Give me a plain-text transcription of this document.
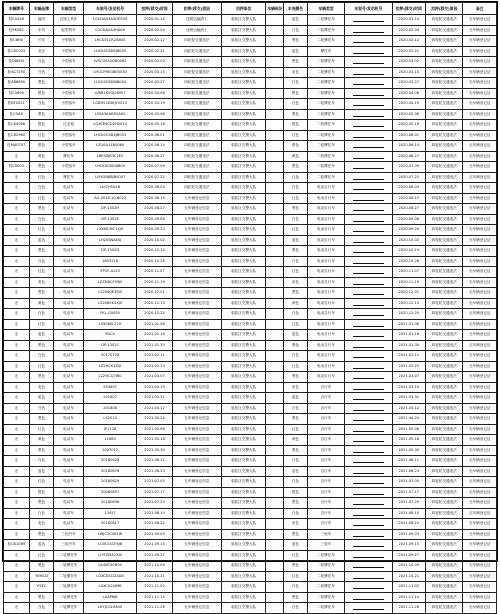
车辆牌号	车辆品牌	车辆类型		车架号/发动机号	扣押(移交)时间	扣押(移交)原因	扣押单位	车辆标识	车身颜色	车辆类型	车架号/发动机号	扣押(移交)时间	扣押(移交)原因	备注
桂C5426	福田	自卸工具车		LGCDAD4A3DE039	2020.01.14	违规运输渣土	临桂区交警大队		蓝色	二轮摩托车		2020.01.14	四轮轮交通违法	无车辆登记证
桂EK082	东风	轻型货车		LGCDAUA3HA08	2020.02.04	违规运输渣土	临桂区交警大队		白色	二轮摩托车		2020.02.04	四轮轮交通违法	无车辆登记证
桂C8H0	长安	小型客车		LHCK01CR2AB05	2020.02.12	四轮轮交通违法	临桂区交警大队		黑色	二轮摩托车		2020.02.12	四轮轮交通违法	无车辆登记证
桂C6C033	北京	小型客车		LHCK0C8DEJB005	2020.02.21	四轮轮交通违法	临桂区交警大队		蓝色	摩托车		2020.02.21	四轮轮交通违法	无车辆登记证
桂D8EDS	白色	小型客车		LVSCU5A2DB0062	2020.03.02	四轮轮交通违法	临桂区交警大队		黑色	二轮摩托车		2020.03.02	四轮轮交通违法	无车辆登记证
桂AC7290	白色	小型客车		LHGCP9EGBE0030	2020.03.15	四轮轮交通违法	临桂区交警大队		灰色	二轮摩托车		2020.03.15	四轮轮交通违法	无车辆登记证
桂A88890	黑色	小型客车		LHCK0C8D6JB054	2020.03.27	四轮轮交通违法	临桂区交警大队		红色	二轮摩托车		2020.03.27	四轮轮交通违法	无车辆登记证
桂C5690	银色	小型客车		LVBR1K9GJ06007	2020.04.08	四轮轮交通违法	临桂区交警大队		银色	二轮摩托车		2020.04.08	四轮轮交通违法	无车辆登记证
桂BF0021	白色	小型客车		LGBH52E08JY0010	2020.04.19	四轮轮交通违法	临桂区交警大队		白色	二轮摩托车		2020.04.19	四轮轮交通违法	无车辆登记证
桂C5AX	黑色	小型客车		LS5A3AAE6GA00	2020.05.06	四轮轮交通违法	临桂区交警大队		黑色	二轮摩托车		2020.05.06	四轮轮交通违法	无车辆登记证
桂C64066	银色	比亚迪		LGXCE6CD2H0014	2020.05.18	四轮轮交通违法	临桂区交警大队		银色	二轮摩托车		2020.05.18	四轮轮交通违法	无车辆登记证
桂C82960	红色	小型客车		LHCK0C8DXJB053	2020.06.01	四轮轮交通违法	临桂区交警大队		红色	二轮摩托车		2020.06.01	四轮轮交通违法	无车辆登记证
桂MA0707	银色	小型客车		LZUAA14B0060	2020.06.14	四轮轮交通违法	临桂区交警大队		银色	二轮摩托车		2020.06.14	四轮轮交通违法	无车辆登记证
无	黄色	摩托车		LBP4ZJB3C2E0	2020.06.27	四轮轮交通违法	临桂区交警大队		黄色	二轮摩托车		2020.06.27	四轮轮交通违法	无车辆登记证
桂C5E03	黑色	小型客车		LHCK0C8D4JB05	2020.07.09	四轮轮交通违法	临桂区交警大队		黑色	二轮摩托车		2020.07.09	四轮轮交通违法	无车辆登记证
无	红色	摩托车		LJY5GN88JB0007	2020.07.22	四轮轮交通违法	临桂区交警大队		红色	二轮摩托车		2020.07.22	四轮轮交通违法	无车辆登记证
无	白色	电动车		LUJ7H5A1B	2020.08.03	四轮轮交通违法	临桂区交警大队		白色	电动自行车		2020.08.03	四轮轮交通违法	无车辆登记证
无	红色	电动车		AG-2018-10-8023	2020.08.15	无车辆登记信息	临桂区交警大队		红色	电动自行车		2020.08.15	四轮轮交通违法	无车辆登记证
无	黑色	电动车		DP-1302H	2020.08.27	无车辆登记信息	临桂区交警大队		黑色	电动自行车		2020.08.27	四轮轮交通违法	无车辆登记证
无	白色	电动车		DP-1302E	2020.09.08	无车辆登记信息	临桂区交警大队		白色	电动自行车		2020.09.08	四轮轮交通违法	无车辆登记证
无	红色	电动车		LXXMCMC1XJ0	2020.09.20	无车辆登记信息	临桂区交警大队		红色	电动自行车		2020.09.20	四轮轮交通违法	无车辆登记证
无	蓝色	电动车		LH20SNAE0J	2020.10.02	无车辆登记信息	临桂区交警大队		蓝色	电动自行车		2020.10.02	四轮轮交通违法	无车辆登记证
无	黑色	电动车		DP-1302D	2020.10.14	无车辆登记信息	临桂区交警大队		黑色	电动自行车		2020.10.14	四轮轮交通违法	无车辆登记证
无	白色	电动车		1803218	2020.10.26	无车辆登记信息	临桂区交警大队		白色	电动自行车		2020.10.26	四轮轮交通违法	无车辆登记证
无	红色	电动车		SPGF-A125	2020.11.07	无车辆登记信息	临桂区交警大队		红色	电动自行车		2020.11.07	四轮轮交通违法	无车辆登记证
无	灰色	电动车		LZZMXCF99J0	2020.11.19	无车辆登记信息	临桂区交警大队		灰色	电动自行车		2020.11.19	四轮轮交通违法	无车辆登记证
无	黑色	电动车		LS2060K39J0	2020.12.01	无车辆登记信息	临桂区交警大队		黑色	电动自行车		2020.12.01	四轮轮交通违法	无车辆登记证
无	黄色	电动车		LS2060K3XJ0	2020.12.13	无车辆登记信息	临桂区交警大队		黄色	电动自行车		2020.12.13	四轮轮交通违法	无车辆登记证
无	白色	电动车		FKL-G0055	2020.12.25	无车辆登记信息	临桂区交警大队		白色	电动自行车		2020.12.25	四轮轮交通违法	无车辆登记证
无	红色	电动车		LS9060L22H	2021.01.06	无车辆登记信息	临桂区交警大队		红色	电动自行车		2021.01.06	四轮轮交通违法	无车辆登记证
无	蓝色	电动车		YDCX	2021.01.18	无车辆登记信息	临桂区交警大队		蓝色	电动自行车		2021.01.18	四轮轮交通违法	无车辆登记证
无	黑色	电动车		DP-1302C	2021.01.30	无车辆登记信息	临桂区交警大队		黑色	电动自行车		2021.01.30	四轮轮交通违法	无车辆登记证
无	白色	电动车		20170728	2021.02.11	无车辆登记信息	临桂区交警大队		白色	电动自行车		2021.02.11	四轮轮交通违法	无车辆登记证
无	红色	电动车		LZ2HCK1J0A	2021.02.23	无车辆登记信息	临桂区交警大队		红色	电动自行车		2021.02.23	四轮轮交通违法	无车辆登记证
无	黑色	电动车		L22YJCQ7JB0	2021.03.07	无车辆登记信息	临桂区交警大队		黑色	电动自行车		2021.03.07	四轮轮交通违法	无车辆登记证
无	灰色	电动车		254897	2021.03.19	无车辆登记信息	临桂区交警大队		灰色	自行车		2021.03.19	四轮轮交通违法	无车辆登记证
无	蓝色	电动车		201807	2021.03.31	无车辆登记信息	临桂区交警大队		蓝色	自行车		2021.03.31	四轮轮交通违法	无车辆登记证
无	白色	电动车		201808	2021.04.12	无车辆登记信息	临桂区交警大队		白色	自行车		2021.04.12	四轮轮交通违法	无车辆登记证
无	黑色	电动车		LS2013	2021.04.24	无车辆登记信息	临桂区交警大队		黑色	自行车		2021.04.24	四轮轮交通违法	无车辆登记证
无	红色	电动车		JP1128	2021.05.06	无车辆登记信息	临桂区交警大队		红色	自行车		2021.05.06	四轮轮交通违法	无车辆登记证
无	黄色	电动车		11863	2021.05.18	无车辆登记信息	临桂区交警大队		黄色	自行车		2021.05.18	四轮轮交通违法	无车辆登记证
无	黑色	电动车		1007012	2021.05.30	无车辆登记信息	临桂区交警大队		黑色	自行车		2021.05.30	四轮轮交通违法	无车辆登记证
无	白色	电动车		20180628	2021.06.11	无车辆登记信息	临桂区交警大队		白色	自行车		2021.06.11	四轮轮交通违法	无车辆登记证
无	蓝色	电动车		20180676	2021.06.23	无车辆登记信息	临桂区交警大队		蓝色	自行车		2021.06.23	四轮轮交通违法	无车辆登记证
无	红色	电动车		20180629	2021.07.05	无车辆登记信息	临桂区交警大队		红色	自行车		2021.07.05	四轮轮交通违法	无车辆登记证
无	银色	电动车		20080897	2021.07.17	无车辆登记信息	临桂区交警大队		银色	自行车		2021.07.17	四轮轮交通违法	无车辆登记证
无	黑色	电动车		20180836	2021.07.29	无车辆登记信息	临桂区交警大队		黑色	自行车		2021.07.29	四轮轮交通违法	无车辆登记证
无	白色	电动车		13457	2021.08.10	无车辆登记信息	临桂区交警大队		白色	自行车		2021.08.10	四轮轮交通违法	无车辆登记证
无	灰色	电动车		20180817	2021.08.22	无车辆登记信息	临桂区交警大队		灰色	自行车		2021.08.22	四轮轮交通违法	无车辆登记证
无	黑色	三轮汽车		LWJC3C4K2JB	2021.09.03	无车辆登记信息	临桂区交警大队		黑色	三轮车		2021.09.03	四轮轮交通违法	无车辆登记证
桂CB1089	蓝色	三轮汽车		LGXCLSCF6JB	2021.09.15	无车辆登记信息	临桂区交警大队		蓝色	三轮车		2021.09.15	四轮轮交通违法	无车辆登记证
无	红色	二轮摩托车		LJYEZMA2XJ0	2021.09.27	无车辆登记信息	临桂区交警大队		红色	二轮摩托车		2021.09.27	四轮轮交通违法	无车辆登记证
无	黑色	二轮摩托车		LJL6AT40H50	2021.10.09	无车辆登记信息	临桂区交警大队		黑色	二轮摩托车		2021.10.09	四轮轮交通违法	无车辆登记证
无	YEMCD	二轮摩托车		LGXCDCD2AD0	2021.10.21	无车辆登记信息	临桂区交警大队		红色	二轮摩托车		2021.10.21	四轮轮交通违法	无车辆登记证
无	YIYEC	二轮摩托车		LAXCU2J4MB	2021.11.02	无车辆登记信息	临桂区交警大队		白色	二轮摩托车		2021.11.02	四轮轮交通违法	无车辆登记证
无	黑色	二轮摩托车		LAAP6JB	2021.11.14	无车辆登记信息	临桂区交警大队		黑色	二轮摩托车		2021.11.14	四轮轮交通违法	无车辆登记证
无	白色	二轮摩托车		LXYJCGL9A00	2021.11.26	无车辆登记信息	临桂区交警大队		白色	二轮摩托车		2021.11.26	四轮轮交通违法	无车辆登记证
